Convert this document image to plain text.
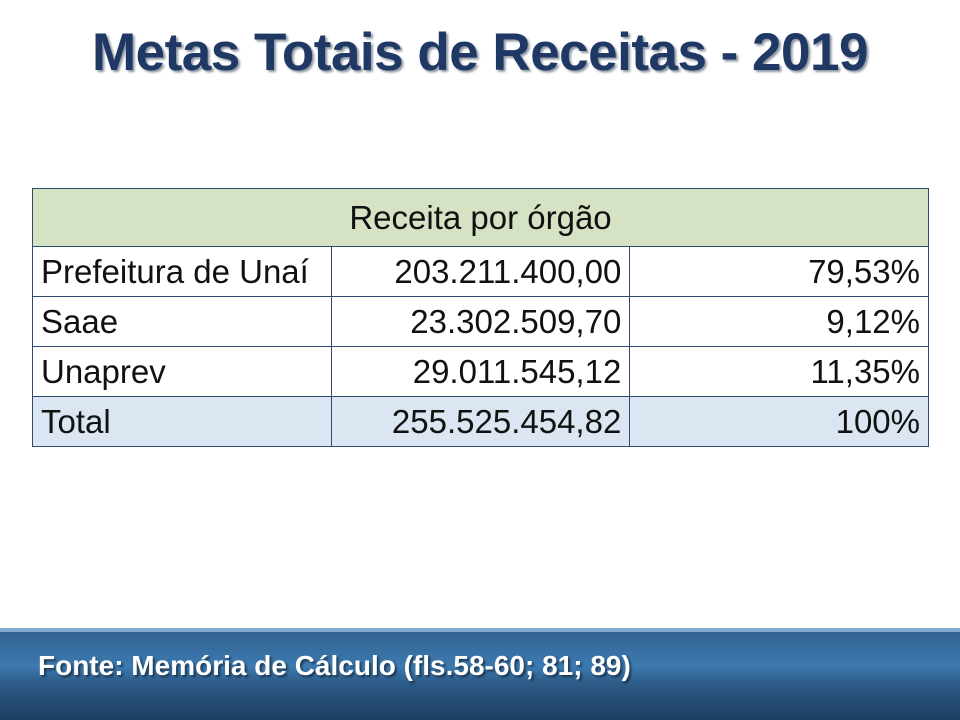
Metas Totais de Receitas - 2019
Receita por órgão		
Prefeitura de Unaí	203.211.400,00	79,53%
Saae	23.302.509,70	9,12%
Unaprev	29.011.545,12	11,35%
Total	255.525.454,82	100%
Fonte: Memória de Cálculo (fls.58-60; 81; 89)
